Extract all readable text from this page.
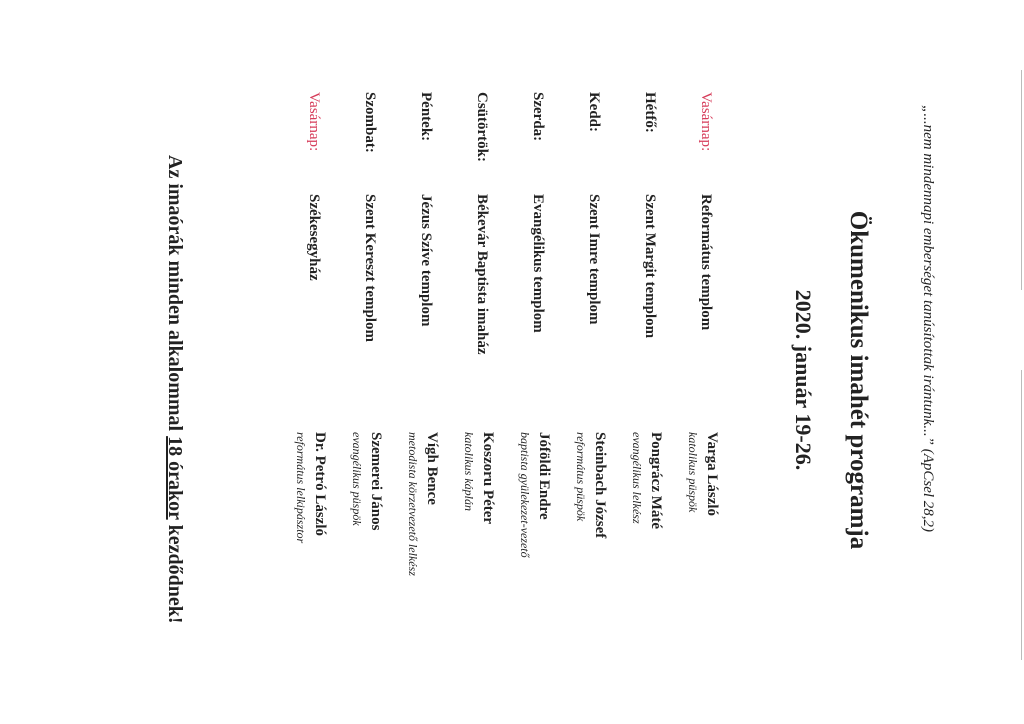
„...nem mindennapi emberséget tanúsítottak irántunk...” (ApCsel 28,2)
Ökumenikus imahét programja
2020. január 19-26.
Vasárnap:
Református templom
Varga László
katolikus püspök
Hétfő:
Szent Margit templom
Pongrácz Máté
evangélikus lelkész
Kedd:
Szent Imre templom
Steinbach József
református püspök
Szerda:
Evangélikus templom
Jóföldi Endre
baptista gyülekezet-vezető
Csütörtök:
Békevár Baptista imaház
Koszoru Péter
katolikus káplán
Péntek:
Jézus Szíve templom
Vígh Bence
metodista körzetvezető lelkész
Szombat:
Szent Kereszt templom
Szemerei János
evangélikus püspök
Vasárnap:
Székesegyház
Dr. Petró László
református lelkipásztor
Az imaórák minden alkalommal 18 órakor kezdődnek!
